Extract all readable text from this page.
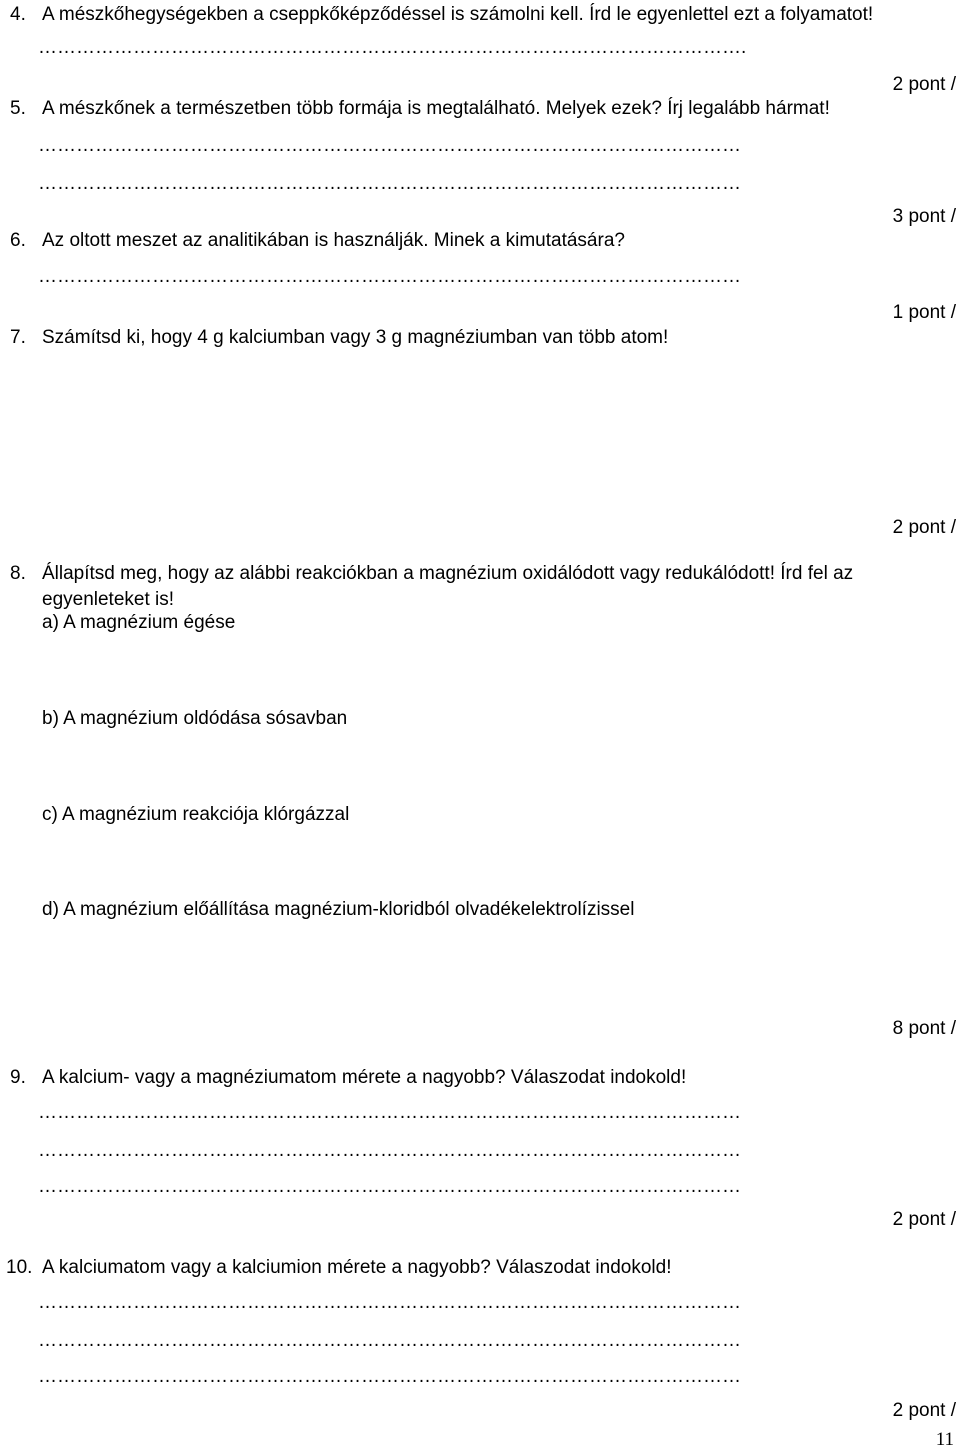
4. A mészkőhegységekben a cseppkőképződéssel is számolni kell. Írd le egyenlettel ezt a folyamatot!
………………………………………………………………………………………………….
2 pont /
5. A mészkőnek a természetben több formája is megtalálható. Melyek ezek? Írj legalább hármat!
…………………………………………………………………………………………………
…………………………………………………………………………………………………
3 pont /
6. Az oltott meszet az analitikában is használják. Minek a kimutatására?
…………………………………………………………………………………………………
1 pont /
7. Számítsd ki, hogy 4 g kalciumban vagy 3 g magnéziumban van több atom!
2 pont /
8. Állapítsd meg, hogy az alábbi reakciókban a magnézium oxidálódott vagy redukálódott! Írd fel az egyenleteket is!
a) A magnézium égése
b) A magnézium oldódása sósavban
c) A magnézium reakciója klórgázzal
d) A magnézium előállítása magnézium-kloridból olvadékelektrolízissel
8 pont /
9. A kalcium- vagy a magnéziumatom mérete a nagyobb? Válaszodat indokold!
…………………………………………………………………………………………………
…………………………………………………………………………………………………
…………………………………………………………………………………………………
2 pont /
10. A kalciumatom vagy a kalciumion mérete a nagyobb? Válaszodat indokold!
…………………………………………………………………………………………………
…………………………………………………………………………………………………
…………………………………………………………………………………………………
2 pont /
11
